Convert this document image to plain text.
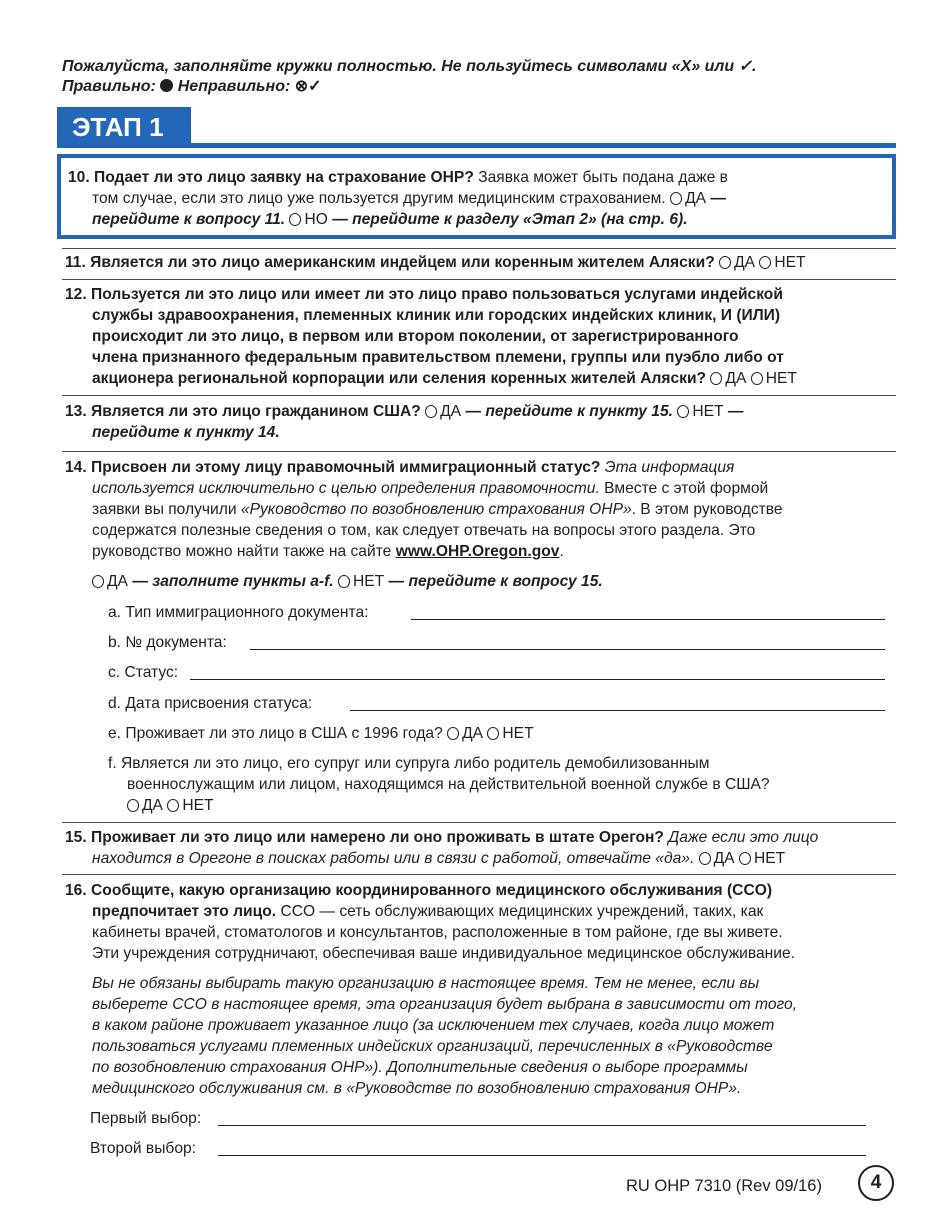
Пожалуйста, заполняйте кружки полностью. Не пользуйтесь символами «X» или ✓.
Правильно: Неправильно: ⊗✓
ЭТАП 1
10. Подает ли это лицо заявку на страхование OHP? Заявка может быть подана даже в
том случае, если это лицо уже пользуется другим медицинским страхованием. ДА —
перейдите к вопросу 11. НО — перейдите к разделу «Этап 2» (на стр. 6).
11. Является ли это лицо американским индейцем или коренным жителем Аляски? ДА НЕТ
12. Пользуется ли это лицо или имеет ли это лицо право пользоваться услугами индейской
службы здравоохранения, племенных клиник или городских индейских клиник, И (ИЛИ)
происходит ли это лицо, в первом или втором поколении, от зарегистрированного
члена признанного федеральным правительством племени, группы или пуэбло либо от
акционера региональной корпорации или селения коренных жителей Аляски? ДА НЕТ
13. Является ли это лицо гражданином США? ДА — перейдите к пункту 15. НЕТ —
перейдите к пункту 14.
14. Присвоен ли этому лицу правомочный иммиграционный статус? Эта информация
используется исключительно с целью определения правомочности. Вместе с этой формой
заявки вы получили «Руководство по возобновлению страхования OHP». В этом руководстве
содержатся полезные сведения о том, как следует отвечать на вопросы этого раздела. Это
руководство можно найти также на сайте www.OHP.Oregon.gov.
ДА — заполните пункты a-f. НЕТ — перейдите к вопросу 15.
a. Тип иммиграционного документа:
b. № документа:
c. Статус:
d. Дата присвоения статуса:
e. Проживает ли это лицо в США с 1996 года? ДА НЕТ
f. Является ли это лицо, его супруг или супруга либо родитель демобилизованным
военнослужащим или лицом, находящимся на действительной военной службе в США?
ДА НЕТ
15. Проживает ли это лицо или намерено ли оно проживать в штате Орегон? Даже если это лицо
находится в Орегоне в поисках работы или в связи с работой, отвечайте «да». ДА НЕТ
16. Сообщите, какую организацию координированного медицинского обслуживания (CCO)
предпочитает это лицо. CCO — сеть обслуживающих медицинских учреждений, таких, как
кабинеты врачей, стоматологов и консультантов, расположенные в том районе, где вы живете.
Эти учреждения сотрудничают, обеспечивая ваше индивидуальное медицинское обслуживание.
Вы не обязаны выбирать такую организацию в настоящее время. Тем не менее, если вы
выберете CCO в настоящее время, эта организация будет выбрана в зависимости от того,
в каком районе проживает указанное лицо (за исключением тех случаев, когда лицо может
пользоваться услугами племенных индейских организаций, перечисленных в «Руководстве
по возобновлению страхования OHP»). Дополнительные сведения о выборе программы
медицинского обслуживания см. в «Руководстве по возобновлению страхования OHP».
Первый выбор:
Второй выбор:
RU OHP 7310 (Rev 09/16)	4
